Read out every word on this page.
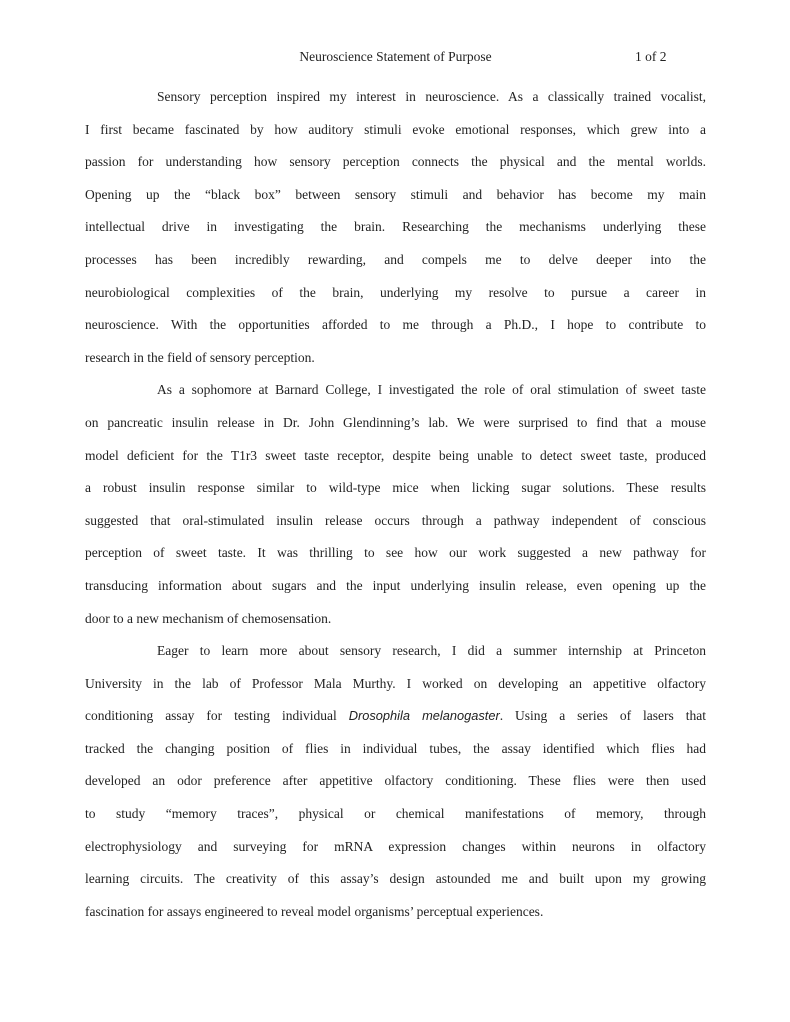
Neuroscience Statement of Purpose	1 of 2
Sensory perception inspired my interest in neuroscience. As a classically trained vocalist,
I first became fascinated by how auditory stimuli evoke emotional responses, which grew into a
passion for understanding how sensory perception connects the physical and the mental worlds.
Opening up the “black box” between sensory stimuli and behavior has become my main
intellectual drive in investigating the brain. Researching the mechanisms underlying these
processes has been incredibly rewarding, and compels me to delve deeper into the
neurobiological complexities of the brain, underlying my resolve to pursue a career in
neuroscience. With the opportunities afforded to me through a Ph.D., I hope to contribute to
research in the field of sensory perception.
As a sophomore at Barnard College, I investigated the role of oral stimulation of sweet taste
on pancreatic insulin release in Dr. John Glendinning’s lab. We were surprised to find that a mouse
model deficient for the T1r3 sweet taste receptor, despite being unable to detect sweet taste, produced
a robust insulin response similar to wild-type mice when licking sugar solutions. These results
suggested that oral-stimulated insulin release occurs through a pathway independent of conscious
perception of sweet taste. It was thrilling to see how our work suggested a new pathway for
transducing information about sugars and the input underlying insulin release, even opening up the
door to a new mechanism of chemosensation.
Eager to learn more about sensory research, I did a summer internship at Princeton
University in the lab of Professor Mala Murthy. I worked on developing an appetitive olfactory
conditioning assay for testing individual Drosophila melanogaster. Using a series of lasers that
tracked the changing position of flies in individual tubes, the assay identified which flies had
developed an odor preference after appetitive olfactory conditioning. These flies were then used
to study “memory traces”, physical or chemical manifestations of memory, through
electrophysiology and surveying for mRNA expression changes within neurons in olfactory
learning circuits. The creativity of this assay’s design astounded me and built upon my growing
fascination for assays engineered to reveal model organisms’ perceptual experiences.
